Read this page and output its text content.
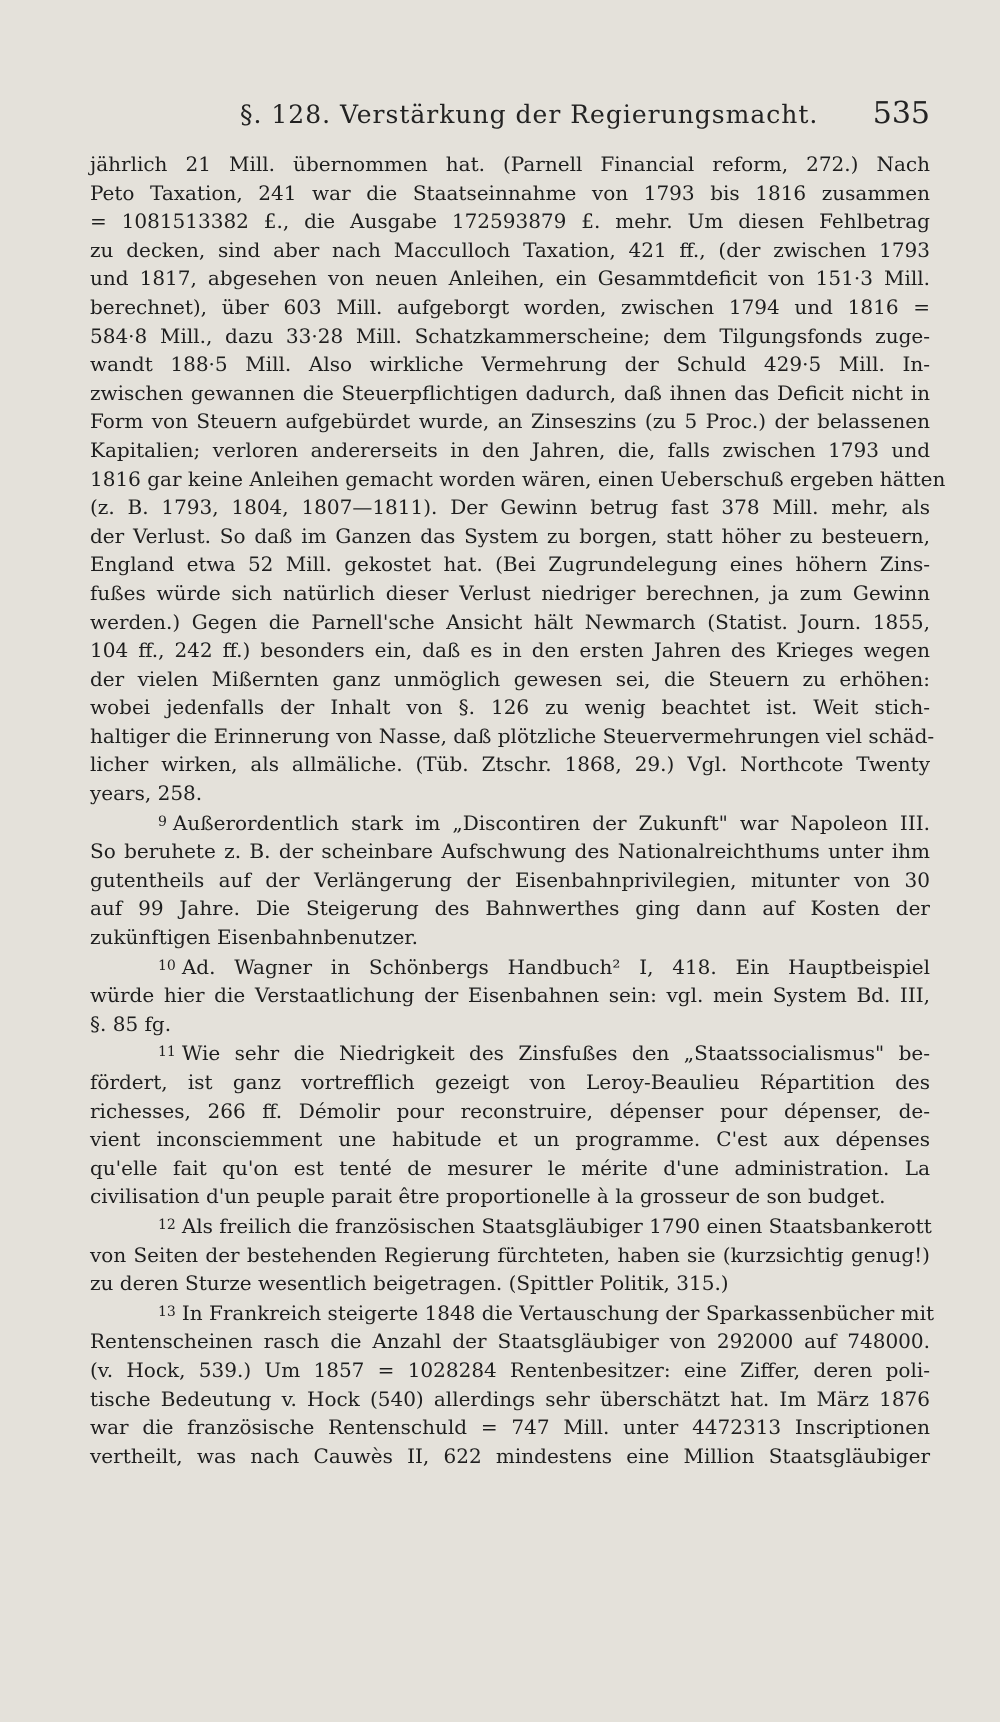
§. 128. Verstärkung der Regierungsmacht. 535
jährlich 21 Mill. übernommen hat. (Parnell Financial reform, 272.) Nach
Peto Taxation, 241 war die Staatseinnahme von 1793 bis 1816 zusammen
= 1081513382 £., die Ausgabe 172593879 £. mehr. Um diesen Fehlbetrag
zu decken, sind aber nach Macculloch Taxation, 421 ff., (der zwischen 1793
und 1817, abgesehen von neuen Anleihen, ein Gesammtdeficit von 151·3 Mill.
berechnet), über 603 Mill. aufgeborgt worden, zwischen 1794 und 1816 =
584·8 Mill., dazu 33·28 Mill. Schatzkammerscheine; dem Tilgungsfonds zuge-
wandt 188·5 Mill. Also wirkliche Vermehrung der Schuld 429·5 Mill. In-
zwischen gewannen die Steuerpflichtigen dadurch, daß ihnen das Deficit nicht in
Form von Steuern aufgebürdet wurde, an Zinseszins (zu 5 Proc.) der belassenen
Kapitalien; verloren andererseits in den Jahren, die, falls zwischen 1793 und
1816 gar keine Anleihen gemacht worden wären, einen Ueberschuß ergeben hätten
(z. B. 1793, 1804, 1807—1811). Der Gewinn betrug fast 378 Mill. mehr, als
der Verlust. So daß im Ganzen das System zu borgen, statt höher zu besteuern,
England etwa 52 Mill. gekostet hat. (Bei Zugrundelegung eines höhern Zins-
fußes würde sich natürlich dieser Verlust niedriger berechnen, ja zum Gewinn
werden.) Gegen die Parnell'sche Ansicht hält Newmarch (Statist. Journ. 1855,
104 ff., 242 ff.) besonders ein, daß es in den ersten Jahren des Krieges wegen
der vielen Mißernten ganz unmöglich gewesen sei, die Steuern zu erhöhen:
wobei jedenfalls der Inhalt von §. 126 zu wenig beachtet ist. Weit stich-
haltiger die Erinnerung von Nasse, daß plötzliche Steuervermehrungen viel schäd-
licher wirken, als allmäliche. (Tüb. Ztschr. 1868, 29.) Vgl. Northcote Twenty
years, 258.
$^9$ Außerordentlich stark im „Discontiren der Zukunft" war Napoleon III.
So beruhete z. B. der scheinbare Aufschwung des Nationalreichthums unter ihm
gutentheils auf der Verlängerung der Eisenbahnprivilegien, mitunter von 30
auf 99 Jahre. Die Steigerung des Bahnwerthes ging dann auf Kosten der
zukünftigen Eisenbahnbenutzer.
$^{10}$ Ad. Wagner in Schönbergs Handbuch² I, 418. Ein Hauptbeispiel
würde hier die Verstaatlichung der Eisenbahnen sein: vgl. mein System Bd. III,
§. 85 fg.
$^{11}$ Wie sehr die Niedrigkeit des Zinsfußes den „Staatssocialismus" be-
fördert, ist ganz vortrefflich gezeigt von Leroy-Beaulieu Répartition des
richesses, 266 ff. Démolir pour reconstruire, dépenser pour dépenser, de-
vient inconsciemment une habitude et un programme. C'est aux dépenses
qu'elle fait qu'on est tenté de mesurer le mérite d'une administration. La
civilisation d'un peuple parait être proportionelle à la grosseur de son budget.
$^{12}$ Als freilich die französischen Staatsgläubiger 1790 einen Staatsbankerott
von Seiten der bestehenden Regierung fürchteten, haben sie (kurzsichtig genug!)
zu deren Sturze wesentlich beigetragen. (Spittler Politik, 315.)
$^{13}$ In Frankreich steigerte 1848 die Vertauschung der Sparkassenbücher mit
Rentenscheinen rasch die Anzahl der Staatsgläubiger von 292000 auf 748000.
(v. Hock, 539.) Um 1857 = 1028284 Rentenbesitzer: eine Ziffer, deren poli-
tische Bedeutung v. Hock (540) allerdings sehr überschätzt hat. Im März 1876
war die französische Rentenschuld = 747 Mill. unter 4472313 Inscriptionen
vertheilt, was nach Cauwès II, 622 mindestens eine Million Staatsgläubiger
